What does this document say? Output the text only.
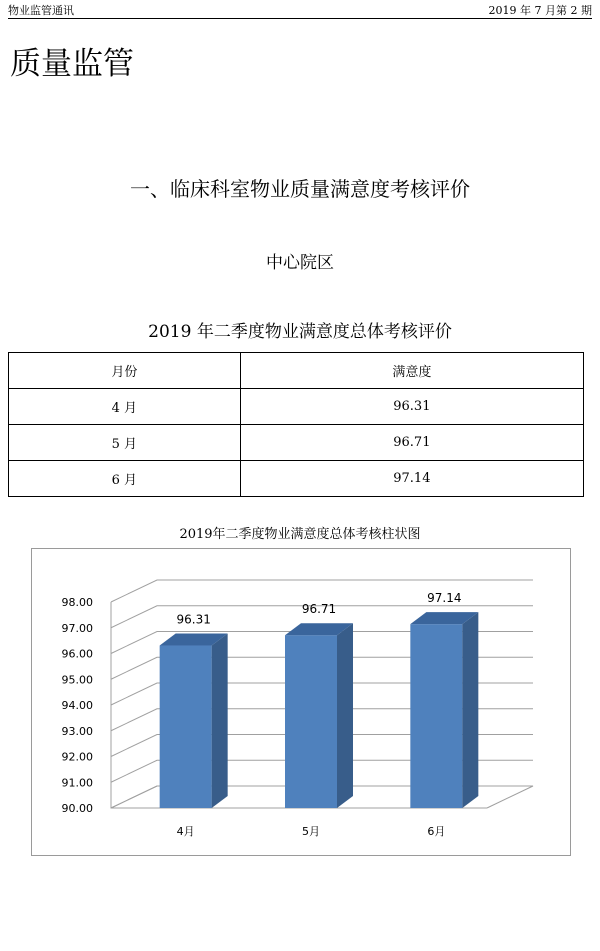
物业监管通讯	2019 年 7 月第 2 期
质量监管
一、临床科室物业质量满意度考核评价
中心院区
2019 年二季度物业满意度总体考核评价
月份	满意度
4 月	96.31
5 月	96.71
6 月	97.14
2019年二季度物业满意度总体考核柱状图
90.00
91.00
92.00
93.00
94.00
95.00
96.00
97.00
98.00
96.31
4月
96.71
5月
97.14
6月
